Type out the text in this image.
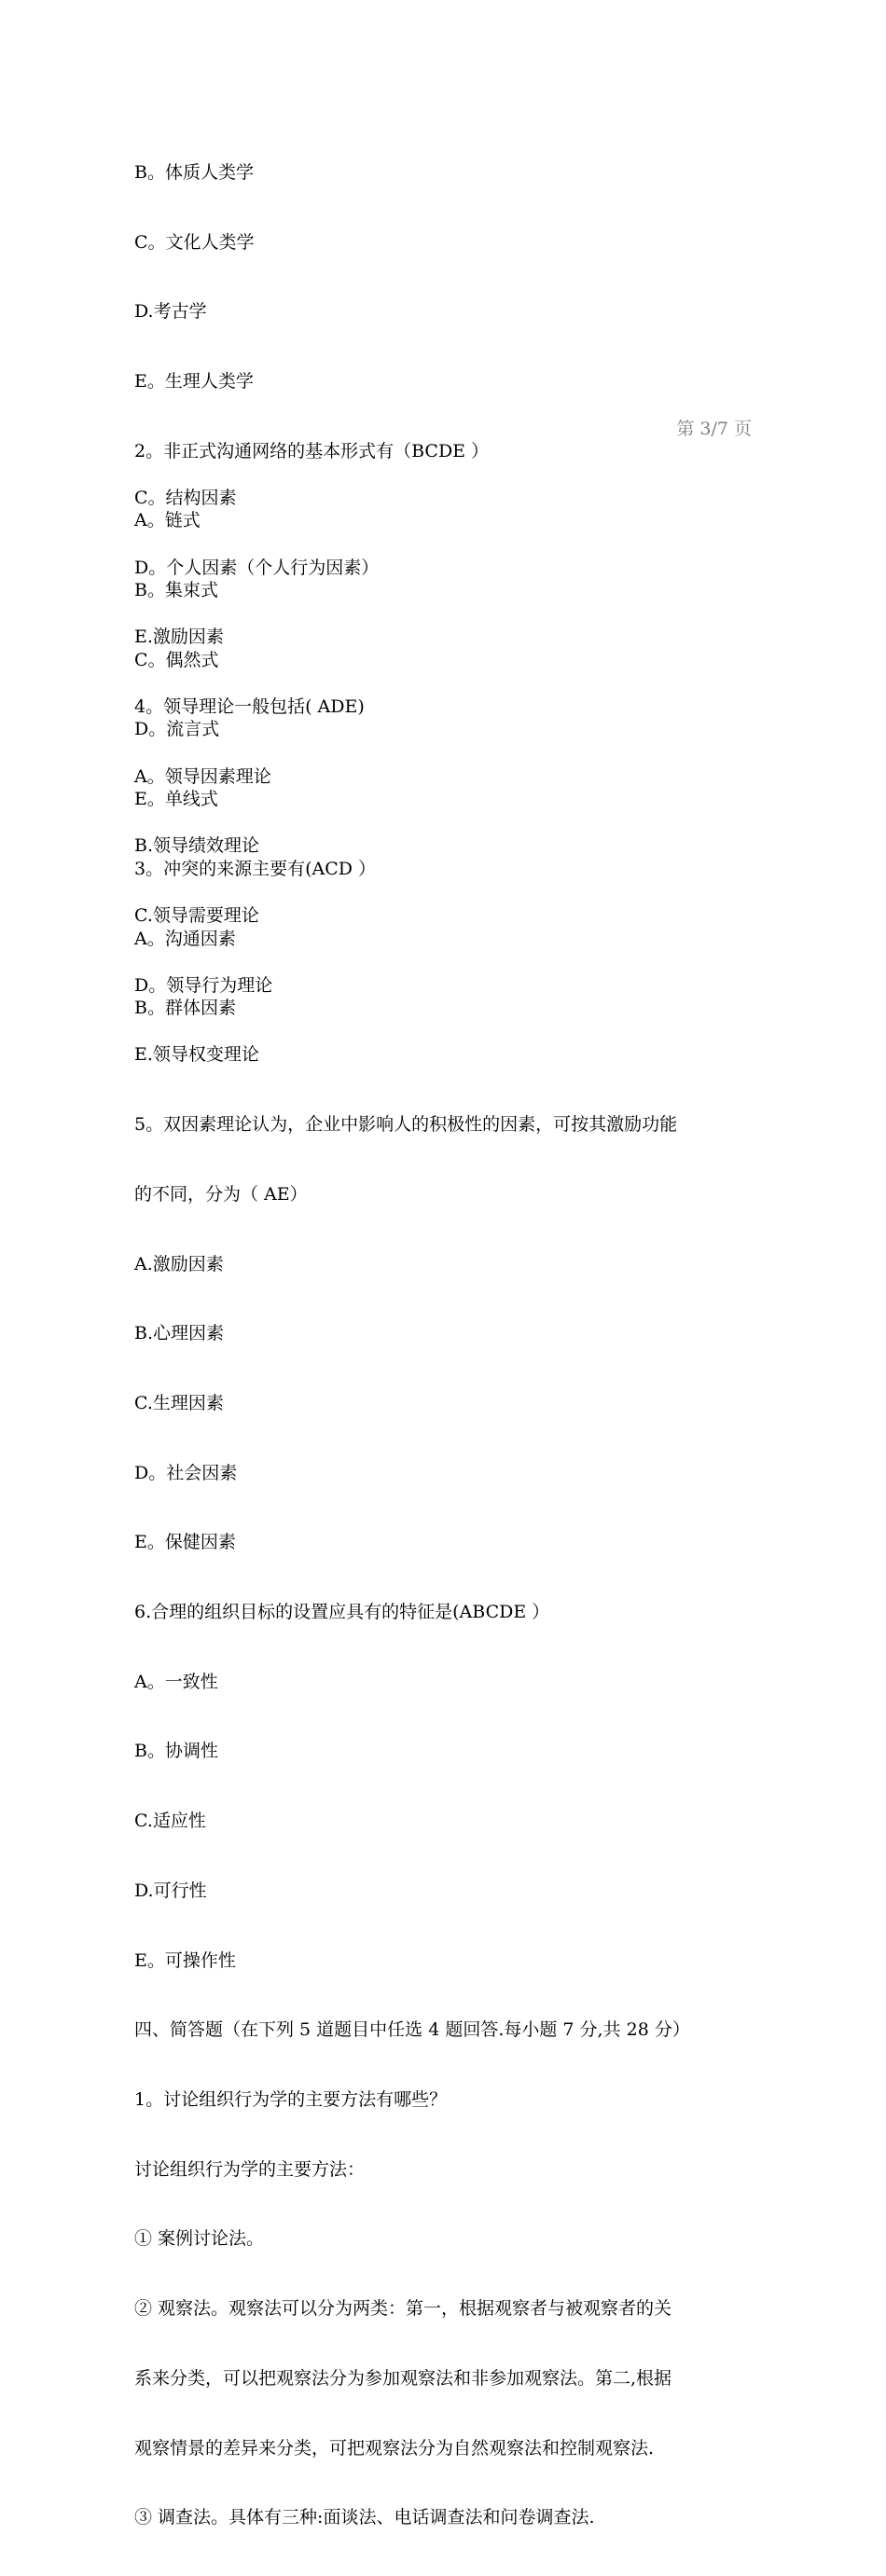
B。体质人类学

C。文化人类学

D.考古学

E。生理人类学

2。非正式沟通网络的基本形式有（BCDE ）

A。链式

B。集束式

C。偶然式

D。流言式

E。单线式

3。冲突的来源主要有(ACD ）

A。沟通因素

B。群体因素

第 3/7 页

C。结构因素

D。个人因素（个人行为因素）

E.激励因素

4。领导理论一般包括( ADE)

A。领导因素理论

B.领导绩效理论

C.领导需要理论

D。领导行为理论

E.领导权变理论

5。双因素理论认为，企业中影响人的积极性的因素，可按其激励功能

的不同，分为（ AE）

A.激励因素

B.心理因素

C.生理因素

D。社会因素

E。保健因素

6.合理的组织目标的设置应具有的特征是(ABCDE ）

A。一致性

B。协调性

C.适应性

D.可行性

E。可操作性

四、简答题（在下列 5 道题目中任选 4 题回答.每小题 7 分,共 28 分）

1。讨论组织行为学的主要方法有哪些？

讨论组织行为学的主要方法：

① 案例讨论法。

② 观察法。观察法可以分为两类：第一，根据观察者与被观察者的关

系来分类，可以把观察法分为参加观察法和非参加观察法。第二,根据

观察情景的差异来分类，可把观察法分为自然观察法和控制观察法.

③ 调查法。具体有三种:面谈法、电话调查法和问卷调查法.
